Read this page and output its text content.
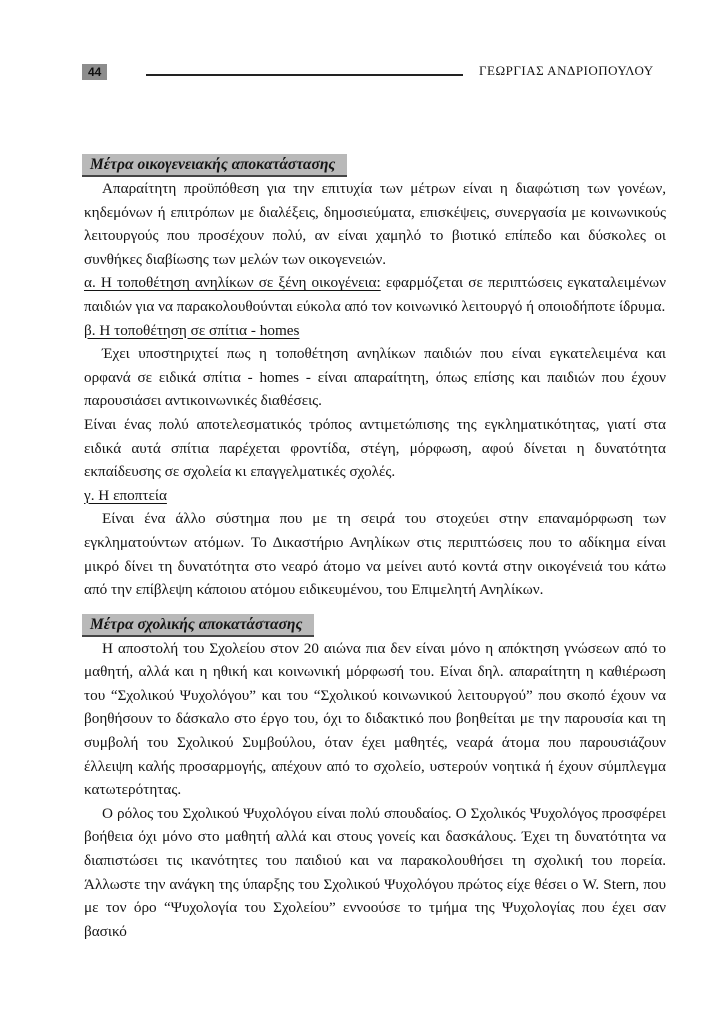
44	ΓΕΩΡΓΙΑΣ ΑΝΔΡΙΟΠΟΥΛΟΥ
Μέτρα οικογενειακής αποκατάστασης

Απαραίτητη προϋπόθεση για την επιτυχία των μέτρων είναι η διαφώτιση των γονέων, κηδεμόνων ή επιτρόπων με διαλέξεις, δημοσιεύματα, επισκέψεις, συνεργασία με κοινωνικούς λειτουργούς που προσέχουν πολύ, αν είναι χαμηλό το βιοτικό επίπεδο και δύσκολες οι συνθήκες διαβίωσης των μελών των οικογενειών.

α. Η τοποθέτηση ανηλίκων σε ξένη οικογένεια: εφαρμόζεται σε περιπτώσεις εγκαταλειμένων παιδιών για να παρακολουθούνται εύκολα από τον κοινωνικό λειτουργό ή οποιοδήποτε ίδρυμα.

β. Η τοποθέτηση σε σπίτια - homes

Έχει υποστηριχτεί πως η τοποθέτηση ανηλίκων παιδιών που είναι εγκατελειμένα και ορφανά σε ειδικά σπίτια - homes - είναι απαραίτητη, όπως επίσης και παιδιών που έχουν παρουσιάσει αντικοινωνικές διαθέσεις.

Είναι ένας πολύ αποτελεσματικός τρόπος αντιμετώπισης της εγκληματικότητας, γιατί στα ειδικά αυτά σπίτια παρέχεται φροντίδα, στέγη, μόρφωση, αφού δίνεται η δυνατότητα εκπαίδευσης σε σχολεία κι επαγγελματικές σχολές.

γ. Η εποπτεία

Είναι ένα άλλο σύστημα που με τη σειρά του στοχεύει στην επαναμόρφωση των εγκληματούντων ατόμων. Το Δικαστήριο Ανηλίκων στις περιπτώσεις που το αδίκημα είναι μικρό δίνει τη δυνατότητα στο νεαρό άτομο να μείνει αυτό κοντά στην οικογένειά του κάτω από την επίβλεψη κάποιου ατόμου ειδικευμένου, του Επιμελητή Ανηλίκων.

Μέτρα σχολικής αποκατάστασης

Η αποστολή του Σχολείου στον 20 αιώνα πια δεν είναι μόνο η απόκτηση γνώσεων από το μαθητή, αλλά και η ηθική και κοινωνική μόρφωσή του. Είναι δηλ. απαραίτητη η καθιέρωση του “Σχολικού Ψυχολόγου” και του “Σχολικού κοινωνικού λειτουργού” που σκοπό έχουν να βοηθήσουν το δάσκαλο στο έργο του, όχι το διδακτικό που βοηθείται με την παρουσία και τη συμβολή του Σχολικού Συμβούλου, όταν έχει μαθητές, νεαρά άτομα που παρουσιάζουν έλλειψη καλής προσαρμογής, απέχουν από το σχολείο, υστερούν νοητικά ή έχουν σύμπλεγμα κατωτερότητας.

Ο ρόλος του Σχολικού Ψυχολόγου είναι πολύ σπουδαίος. Ο Σχολικός Ψυχολόγος προσφέρει βοήθεια όχι μόνο στο μαθητή αλλά και στους γονείς και δασκάλους. Έχει τη δυνατότητα να διαπιστώσει τις ικανότητες του παιδιού και να παρακολουθήσει τη σχολική του πορεία. Άλλωστε την ανάγκη της ύπαρξης του Σχολικού Ψυχολόγου πρώτος είχε θέσει ο W. Stern, που με τον όρο “Ψυχολογία του Σχολείου” εννοούσε το τμήμα της Ψυχολογίας που έχει σαν βασικό
